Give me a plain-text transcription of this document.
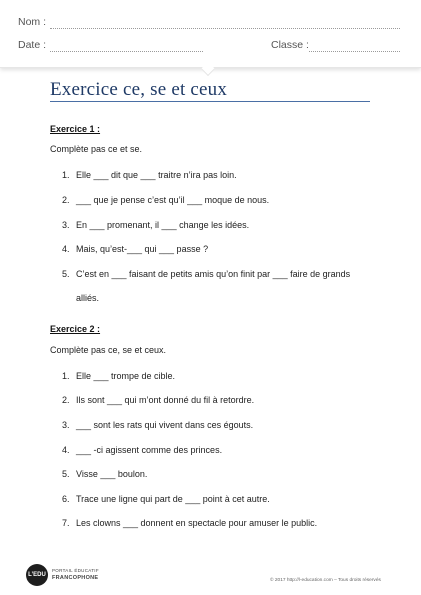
Nom :
Date :	Classe :
Exercice ce, se et ceux
Exercice 1 :
Complète pas ce et se.
1. Elle ___ dit que ___ traitre n’ira pas loin.
2. ___ que je pense c’est qu’il ___ moque de nous.
3. En ___ promenant, il ___ change les idées.
4. Mais, qu’est-___ qui ___ passe ?
5. C’est en ___ faisant de petits amis qu’on finit par ___ faire de grands
alliés.
Exercice 2 :
Complète pas ce, se et ceux.
1. Elle ___ trompe de cible.
2. Ils sont ___ qui m’ont donné du fil à retordre.
3. ___ sont les rats qui vivent dans ces égouts.
4. ___ -ci agissent comme des princes.
5. Visse ___ boulon.
6. Trace une ligne qui part de ___ point à cet autre.
7. Les clowns ___ donnent en spectacle pour amuser le public.
L’EDU
PORTAIL ÉDUCATIF
FRANCOPHONE	© 2017 http://l-education.com – Tous droits réservés
